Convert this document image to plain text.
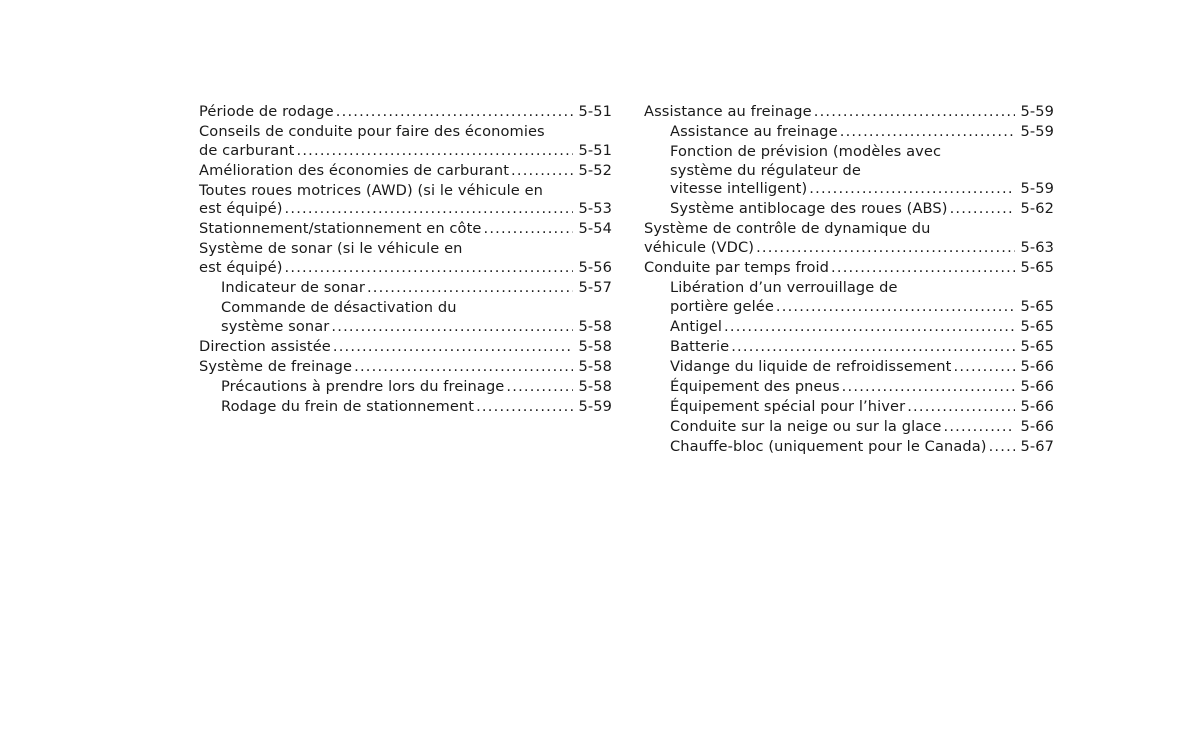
Période de rodage .....	5-51
Conseils de conduite pour faire des économies
de carburant .....	5-51
Amélioration des économies de carburant .....	5-52
Toutes roues motrices (AWD) (si le véhicule en
est équipé) .....	5-53
Stationnement/stationnement en côte .....	5-54
Système de sonar (si le véhicule en
est équipé) .....	5-56
Indicateur de sonar .....	5-57
Commande de désactivation du
système sonar .....	5-58
Direction assistée .....	5-58
Système de freinage .....	5-58
Précautions à prendre lors du freinage .....	5-58
Rodage du frein de stationnement .....	5-59
Assistance au freinage .....	5-59
Assistance au freinage .....	5-59
Fonction de prévision (modèles avec
système du régulateur de
vitesse intelligent) .....	5-59
Système antiblocage des roues (ABS) .....	5-62
Système de contrôle de dynamique du
véhicule (VDC) .....	5-63
Conduite par temps froid .....	5-65
Libération d’un verrouillage de
portière gelée .....	5-65
Antigel .....	5-65
Batterie .....	5-65
Vidange du liquide de refroidissement .....	5-66
Équipement des pneus .....	5-66
Équipement spécial pour l’hiver .....	5-66
Conduite sur la neige ou sur la glace .....	5-66
Chauffe-bloc (uniquement pour le Canada) ..... 5-67
